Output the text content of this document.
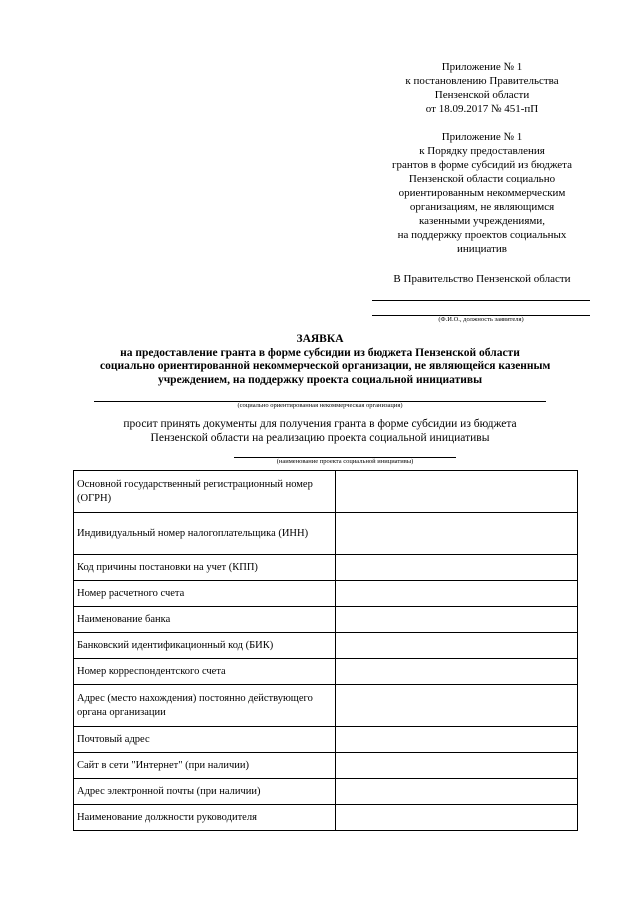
Приложение № 1
к постановлению Правительства
Пензенской области
от 18.09.2017 № 451-пП
Приложение № 1
к Порядку предоставления
грантов в форме субсидий из бюджета
Пензенской области социально
ориентированным некоммерческим
организациям, не являющимся
казенными учреждениями,
на поддержку проектов социальных
инициатив
В Правительство Пензенской области
(Ф.И.О., должность заявителя)
ЗАЯВКА
на предоставление гранта в форме субсидии из бюджета Пензенской области
социально ориентированной некоммерческой организации, не являющейся казенным
учреждением, на поддержку проекта социальной инициативы
(социально ориентированная некоммерческая организация)
просит принять документы для получения гранта в форме субсидии из бюджета
Пензенской области на реализацию проекта социальной инициативы
(наименование проекта социальной инициативы)
Основной государственный регистрационный номер (ОГРН)	
Индивидуальный номер налогоплательщика (ИНН)	
Код причины постановки на учет (КПП)	
Номер расчетного счета	
Наименование банка	
Банковский идентификационный код (БИК)	
Номер корреспондентского счета	
Адрес (место нахождения) постоянно действующего органа организации	
Почтовый адрес	
Сайт в сети "Интернет" (при наличии)	
Адрес электронной почты (при наличии)	
Наименование должности руководителя	
